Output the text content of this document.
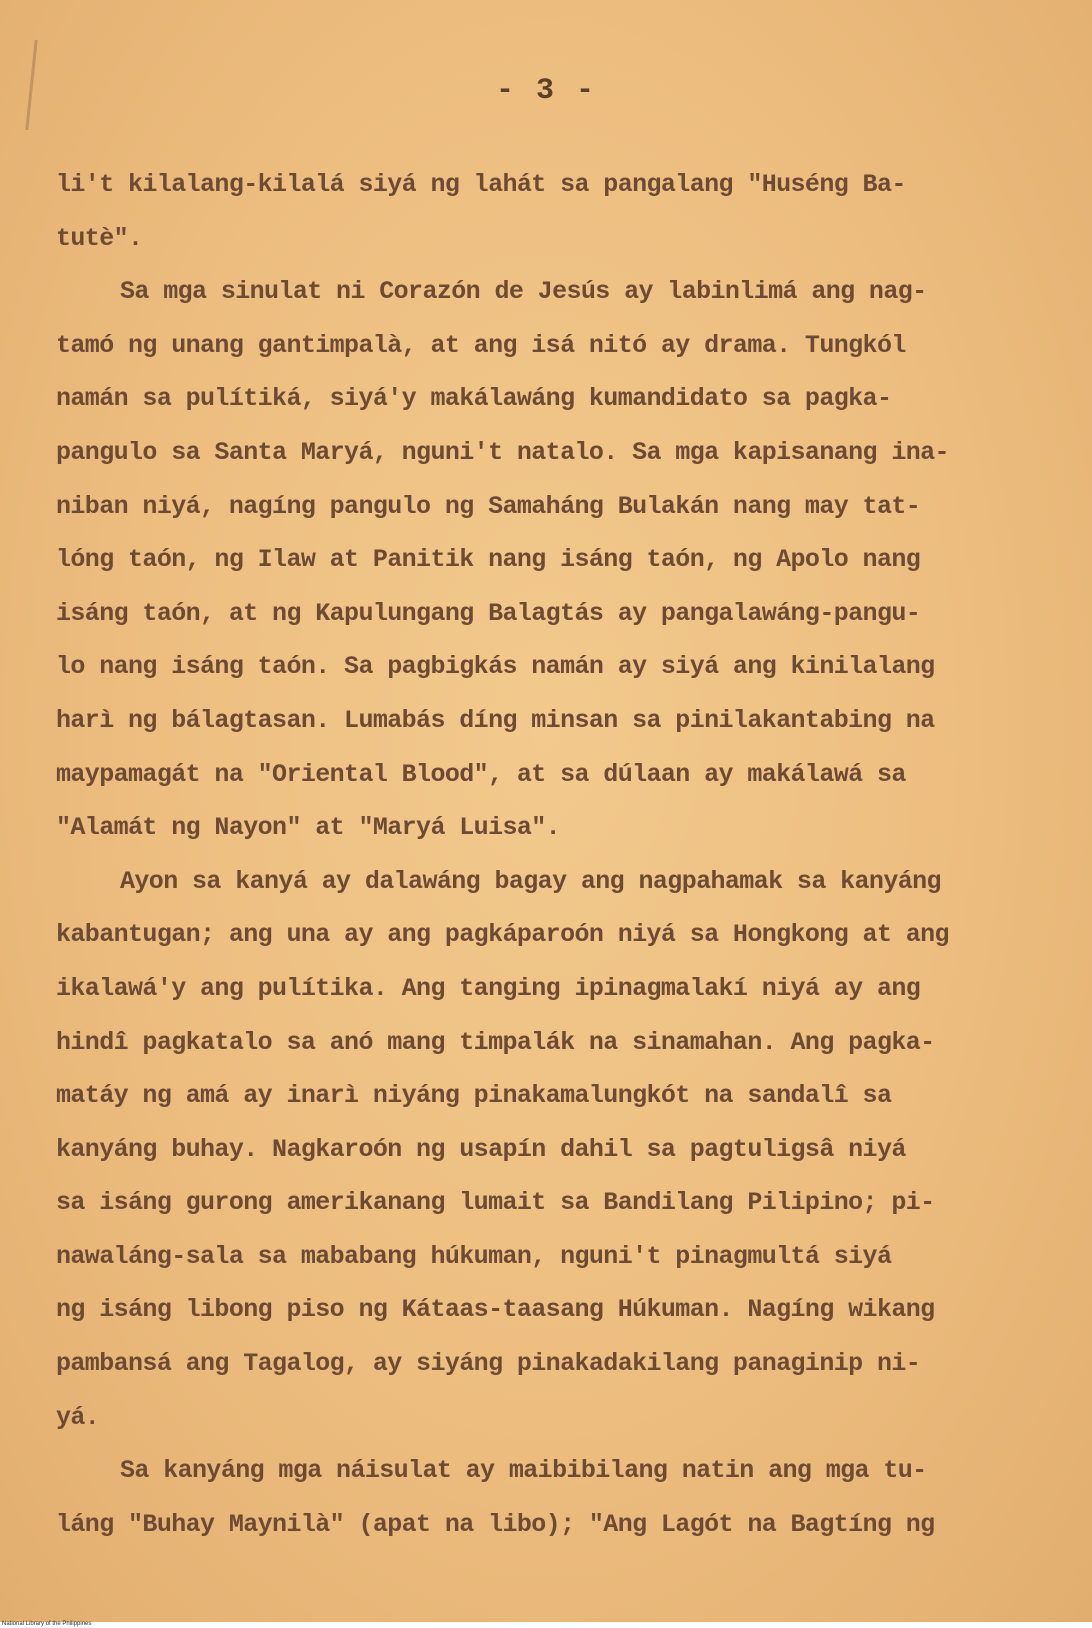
- 3 -
li't kilalang-kilalá siyá ng lahát sa pangalang "Huséng Ba-
tutè".
Sa mga sinulat ni Corazón de Jesús ay labinlimá ang nag-
tamó ng unang gantimpalà, at ang isá nitó ay drama. Tungkól
namán sa pulítiká, siyá'y makálawáng kumandidato sa pagka-
pangulo sa Santa Maryá, nguni't natalo. Sa mga kapisanang ina-
niban niyá, nagíng pangulo ng Samaháng Bulakán nang may tat-
lóng taón, ng Ilaw at Panitik nang isáng taón, ng Apolo nang
isáng taón, at ng Kapulungang Balagtás ay pangalawáng-pangu-
lo nang isáng taón. Sa pagbigkás namán ay siyá ang kinilalang
harì ng bálagtasan. Lumabás díng minsan sa pinilakantabing na
maypamagát na "Oriental Blood", at sa dúlaan ay makálawá sa
"Alamát ng Nayon" at "Maryá Luisa".
Ayon sa kanyá ay dalawáng bagay ang nagpahamak sa kanyáng
kabantugan; ang una ay ang pagkáparoón niyá sa Hongkong at ang
ikalawá'y ang pulítika. Ang tanging ipinagmalakí niyá ay ang
hindî pagkatalo sa anó mang timpalák na sinamahan. Ang pagka-
matáy ng amá ay inarì niyáng pinakamalungkót na sandalî sa
kanyáng buhay. Nagkaroón ng usapín dahil sa pagtuligsâ niyá
sa isáng gurong amerikanang lumait sa Bandilang Pilipino; pi-
nawaláng-sala sa mababang húkuman, nguni't pinagmultá siyá
ng isáng libong piso ng Kátaas-taasang Húkuman. Nagíng wikang
pambansá ang Tagalog, ay siyáng pinakadakilang panaginip ni-
yá.
Sa kanyáng mga náisulat ay maibibilang natin ang mga tu-
láng "Buhay Maynilà" (apat na libo); "Ang Lagót na Bagtíng ng
National Library of the Philippines
